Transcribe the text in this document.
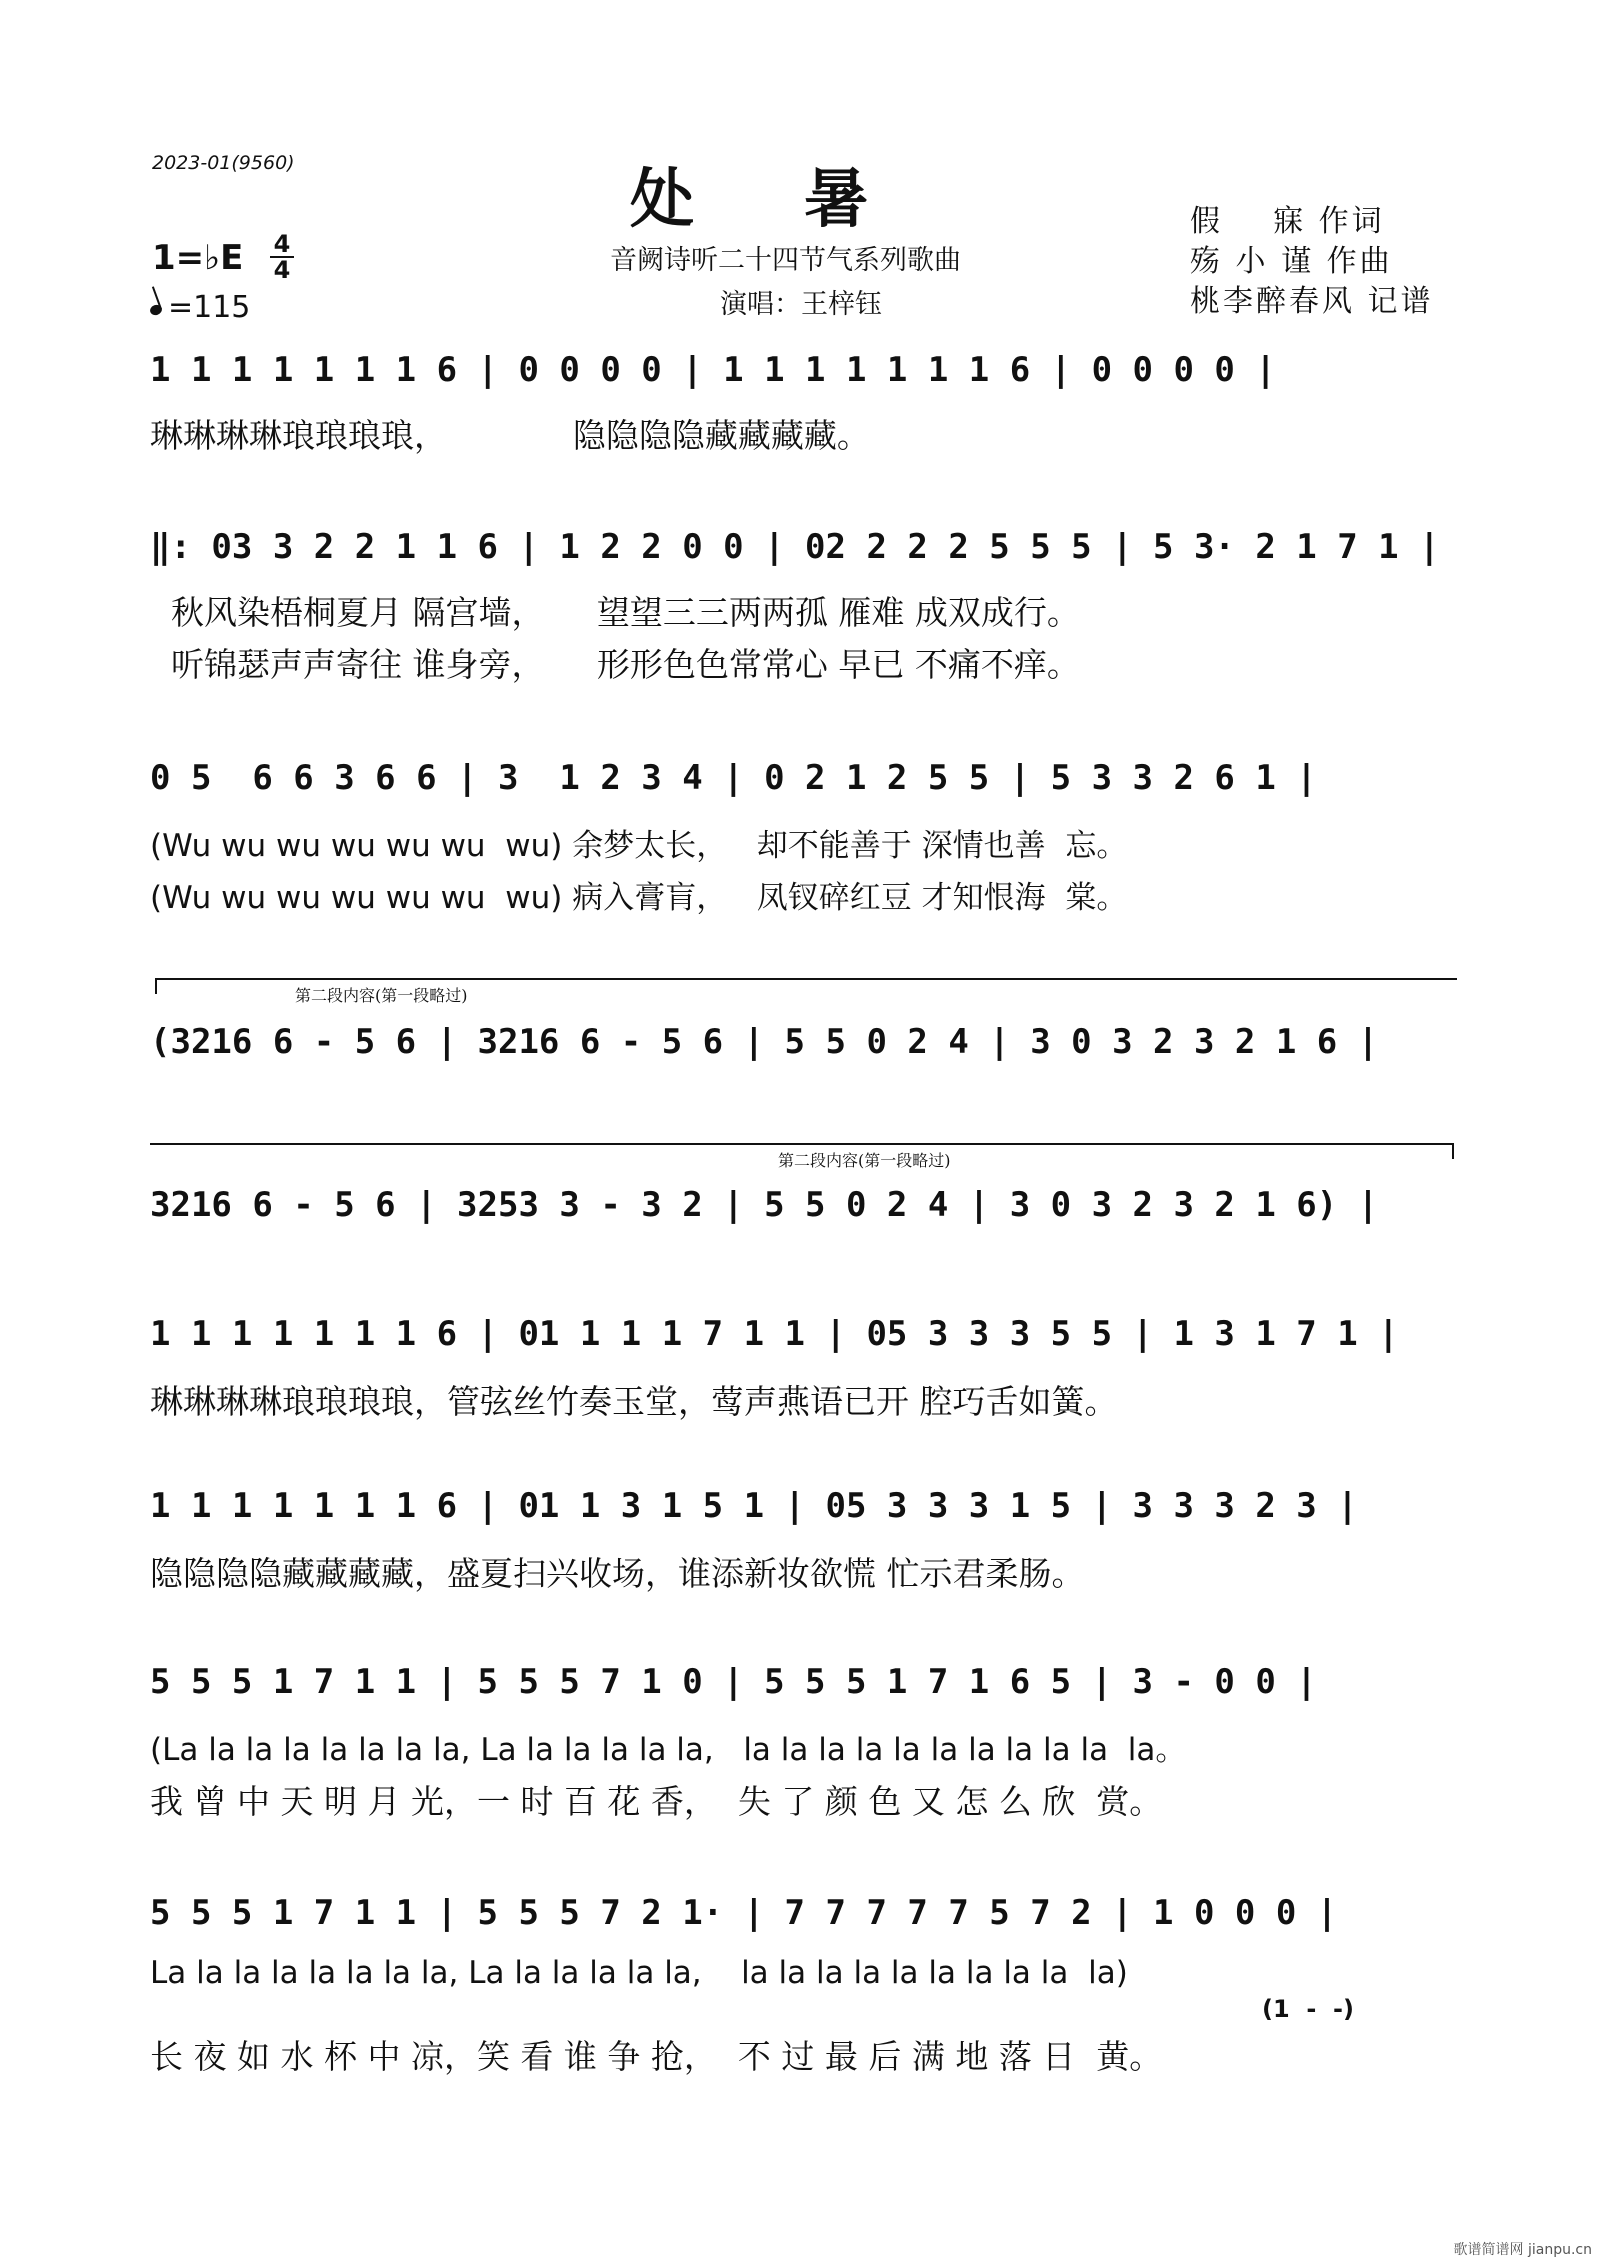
2023-01(9560)	处暑
音阙诗听二十四节气系列歌曲
演唱：王梓钰
假    寐 作词
殇 小 谨 作曲
桃李醉春风 记谱
1=♭E 4
4
=115
1 1 1 1 1 1 1 6 | 0 0 0 0 | 1 1 1 1 1 1 1 6 | 0 0 0 0 |
琳琳琳琳琅琅琅琅，            隐隐隐隐藏藏藏藏。
‖: 03 3 2 2 1 1 6 | 1 2 2 0 0 | 02 2 2 2 5 5 5 | 5 3· 2 1 7 1 |
秋风染梧桐夏月 隔宫墙，     望望三三两两孤 雁难 成双成行。
听锦瑟声声寄往 谁身旁，     形形色色常常心 早已 不痛不痒。
0 5  6 6 3 6 6 | 3  1 2 3 4 | 0 2 1 2 5 5 | 5 3 3 2 6 1 |
(Wu wu wu wu wu wu  wu) 余梦太长，   却不能善于 深情也善  忘。
(Wu wu wu wu wu wu  wu) 病入膏肓，   凤钗碎红豆 才知恨海  棠。
第二段内容(第一段略过)
(3216 6 - 5 6 | 3216 6 - 5 6 | 5 5 0 2 4 | 3 0 3 2 3 2 1 6 |
第二段内容(第一段略过)
3216 6 - 5 6 | 3253 3 - 3 2 | 5 5 0 2 4 | 3 0 3 2 3 2 1 6) |
1 1 1 1 1 1 1 6 | 01 1 1 1 7 1 1 | 05 3 3 3 5 5 | 1 3 1 7 1 |
琳琳琳琳琅琅琅琅，管弦丝竹奏玉堂，莺声燕语已开 腔巧舌如簧。
1 1 1 1 1 1 1 6 | 01 1 3 1 5 1 | 05 3 3 3 1 5 | 3 3 3 2 3 |
隐隐隐隐藏藏藏藏，盛夏扫兴收场，谁添新妆欲慌 忙示君柔肠。
5 5 5 1 7 1 1 | 5 5 5 7 1 0 | 5 5 5 1 7 1 6 5 | 3 - 0 0 |
(La la la la la la la la, La la la la la la,   la la la la la la la la la la  la。
我 曾 中 天 明 月 光，一 时 百 花 香，  失 了 颜 色 又 怎 么 欣  赏。
5 5 5 1 7 1 1 | 5 5 5 7 2 1· | 7 7 7 7 7 5 7 2 | 1 0 0 0 |
La la la la la la la la, La la la la la la,    la la la la la la la la la  la)
(1  -  -)
长 夜 如 水 杯 中 凉，笑 看 谁 争 抢，  不 过 最 后 满 地 落 日  黄。
歌谱简谱网 jianpu.cn
